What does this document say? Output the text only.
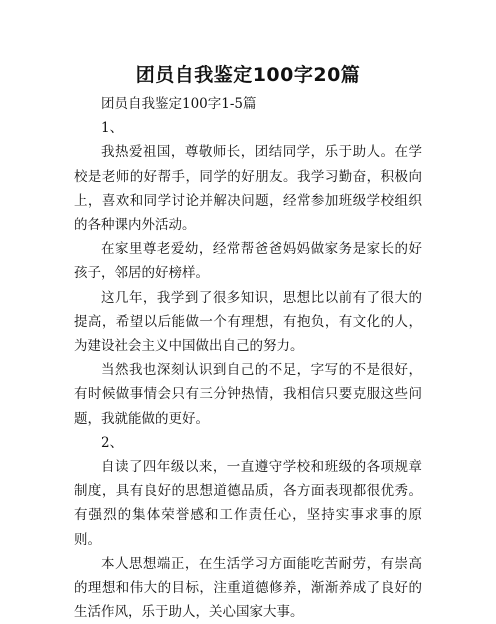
团员自我鉴定100字20篇

团员自我鉴定100字1-5篇

1、

我热爱祖国，尊敬师长，团结同学，乐于助人。在学校是老师的好帮手，同学的好朋友。我学习勤奋，积极向上，喜欢和同学讨论并解决问题，经常参加班级学校组织的各种课内外活动。

在家里尊老爱幼，经常帮爸爸妈妈做家务是家长的好孩子，邻居的好榜样。

这几年，我学到了很多知识，思想比以前有了很大的提高，希望以后能做一个有理想，有抱负，有文化的人，为建设社会主义中国做出自己的努力。

当然我也深刻认识到自己的不足，字写的不是很好，有时候做事情会只有三分钟热情，我相信只要克服这些问题，我就能做的更好。

2、

自读了四年级以来，一直遵守学校和班级的各项规章制度，具有良好的思想道德品质，各方面表现都很优秀。有强烈的集体荣誉感和工作责任心，坚持实事求事的原则。

本人思想端正，在生活学习方面能吃苦耐劳，有崇高的理想和伟大的目标，注重道德修养，渐渐养成了良好的生活作风，乐于助人，关心国家大事。
